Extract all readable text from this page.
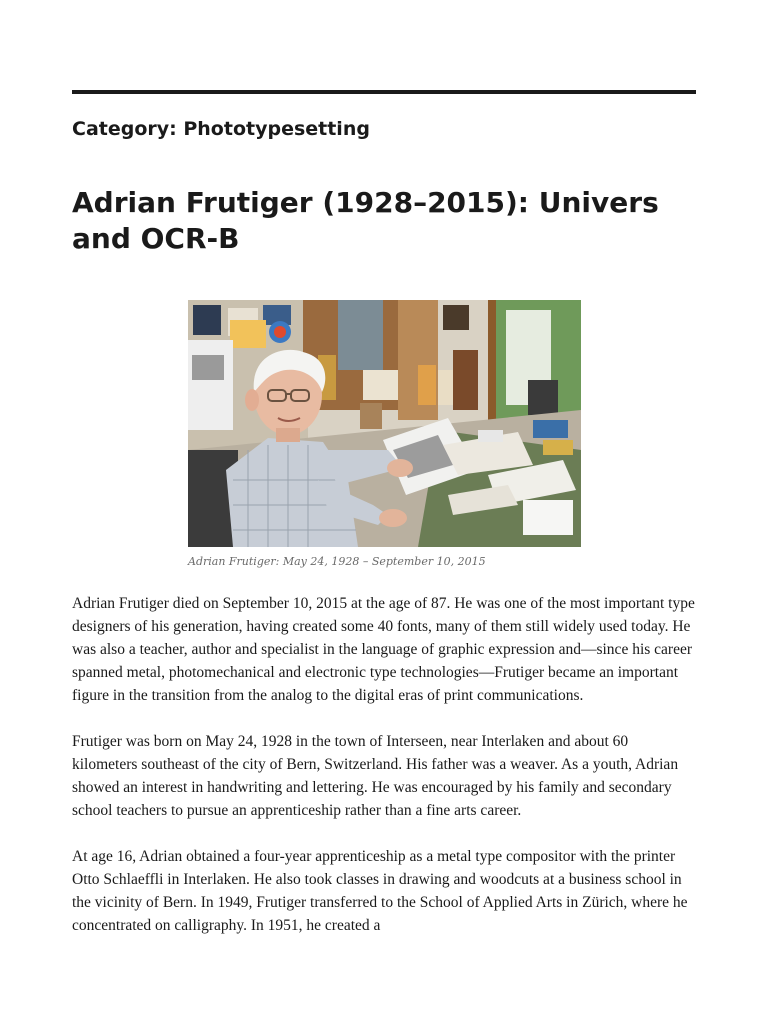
Category: Phototypesetting
Adrian Frutiger (1928–2015): Univers and OCR-B
Adrian Frutiger: May 24, 1928 – September 10, 2015

Adrian Frutiger died on September 10, 2015 at the age of 87. He was one of the most important type designers of his generation, having created some 40 fonts, many of them still widely used today. He was also a teacher, author and specialist in the language of graphic expression and—since his career spanned metal, photomechanical and electronic type technologies—Frutiger became an important figure in the transition from the analog to the digital eras of print communications.

Frutiger was born on May 24, 1928 in the town of Interseen, near Interlaken and about 60 kilometers southeast of the city of Bern, Switzerland. His father was a weaver. As a youth, Adrian showed an interest in handwriting and lettering. He was encouraged by his family and secondary school teachers to pursue an apprenticeship rather than a fine arts career.

At age 16, Adrian obtained a four-year apprenticeship as a metal type compositor with the printer Otto Schlaeffli in Interlaken. He also took classes in drawing and woodcuts at a business school in the vicinity of Bern. In 1949, Frutiger transferred to the School of Applied Arts in Zürich, where he concentrated on calligraphy. In 1951, he created a
